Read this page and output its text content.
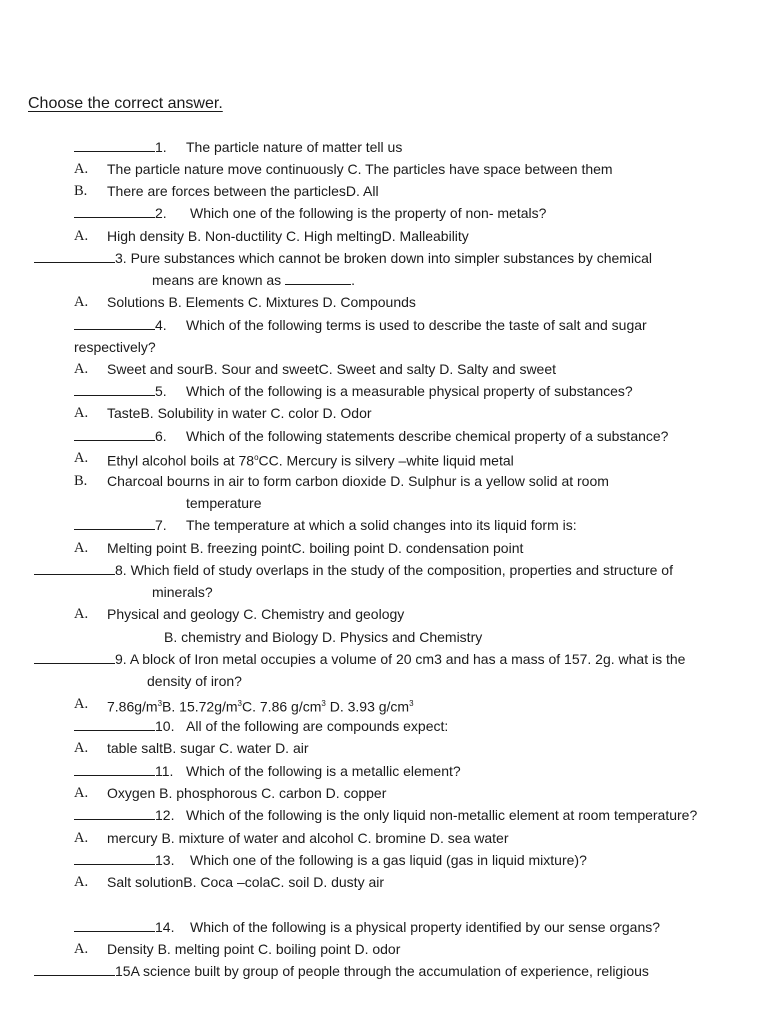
Choose the correct answer.
1. The particle nature of matter tell us
A. The particle nature move continuously C. The particles have space between them
B. There are forces between the particlesD. All
2. Which one of the following is the property of non- metals?
A. High density B. Non-ductility C. High meltingD. Malleability
3. Pure substances which cannot be broken down into simpler substances by chemical
means are known as	.
A. Solutions B. Elements C. Mixtures D. Compounds
4. Which of the following terms is used to describe the taste of salt and sugar
respectively?
A. Sweet and sourB. Sour and sweetC. Sweet and salty D. Salty and sweet
5. Which of the following is a measurable physical property of substances?
A. TasteB. Solubility in water C. color D. Odor
6. Which of the following statements describe chemical property of a substance?
A. Ethyl alcohol boils at 78$^o$CC. Mercury is silvery –white liquid metal
B. Charcoal bourns in air to form carbon dioxide D. Sulphur is a yellow solid at room
temperature
7. The temperature at which a solid changes into its liquid form is:
A. Melting point B. freezing pointC. boiling point D. condensation point
8. Which field of study overlaps in the study of the composition, properties and structure of
minerals?
A. Physical and geology C. Chemistry and geology
B. chemistry and Biology D. Physics and Chemistry
9. A block of Iron metal occupies a volume of 20 cm3 and has a mass of 157. 2g. what is the
density of iron?
A. $7.86g/m^3B$. $15.72g/m^3C$. 7.86 $g/cm^3$ D. 3.93 $g/cm^3$
10. All of the following are compounds expect:
A. table saltB. sugar C. water D. air
11. Which of the following is a metallic element?
A. Oxygen B. phosphorous C. carbon D. copper
12. Which of the following is the only liquid non-metallic element at room temperature?
A. mercury B. mixture of water and alcohol C. bromine D. sea water
13. Which one of the following is a gas liquid (gas in liquid mixture)?
A. Salt solutionB. Coca –colaC. soil D. dusty air
14. Which of the following is a physical property identified by our sense organs?
A. Density B. melting point C. boiling point D. odor
15A science built by group of people through the accumulation of experience, religious
